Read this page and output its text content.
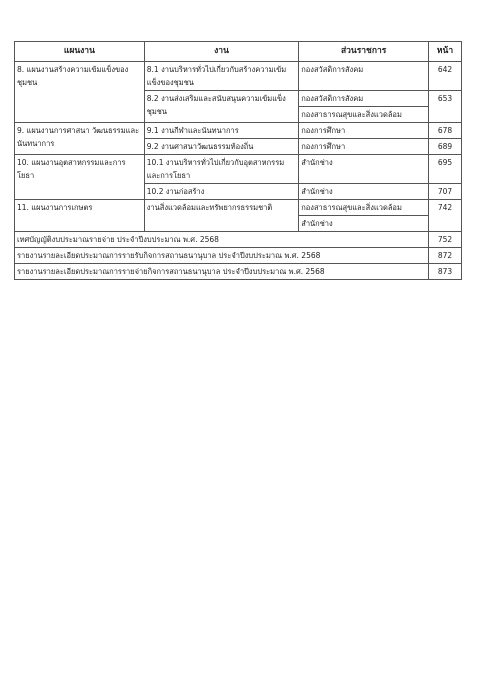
แผนงาน	งาน	ส่วนราชการ	หน้า
8. แผนงานสร้างความเข้มแข็งของชุมชน	8.1 งานบริหารทั่วไปเกี่ยวกับสร้างความเข้มแข็งของชุมชน	กองสวัสดิการสังคม	642
	8.2 งานส่งเสริมและสนับสนุนความเข้มแข็งชุมชน	กองสวัสดิการสังคม	653
		กองสาธารณสุขและสิ่งแวดล้อม	
9. แผนงานการศาสนา วัฒนธรรมและนันทนาการ	9.1 งานกีฬาและนันทนาการ	กองการศึกษา	678
	9.2 งานศาสนาวัฒนธรรมท้องถิ่น	กองการศึกษา	689
10. แผนงานอุตสาหกรรมและการโยธา	10.1 งานบริหารทั่วไปเกี่ยวกับอุตสาหกรรมและการโยธา	สำนักช่าง	695
	10.2 งานก่อสร้าง	สำนักช่าง	707
11. แผนงานการเกษตร	งานสิ่งแวดล้อมและทรัพยากรธรรมชาติ	กองสาธารณสุขและสิ่งแวดล้อม	742
		สำนักช่าง	
เทศบัญญัติงบประมาณรายจ่าย ประจำปีงบประมาณ พ.ศ. 2568			752
รายงานรายละเอียดประมาณการรายรับกิจการสถานธนานุบาล ประจำปีงบประมาณ พ.ศ. 2568			872
รายงานรายละเอียดประมาณการรายจ่ายกิจการสถานธนานุบาล ประจำปีงบประมาณ พ.ศ. 2568			873
